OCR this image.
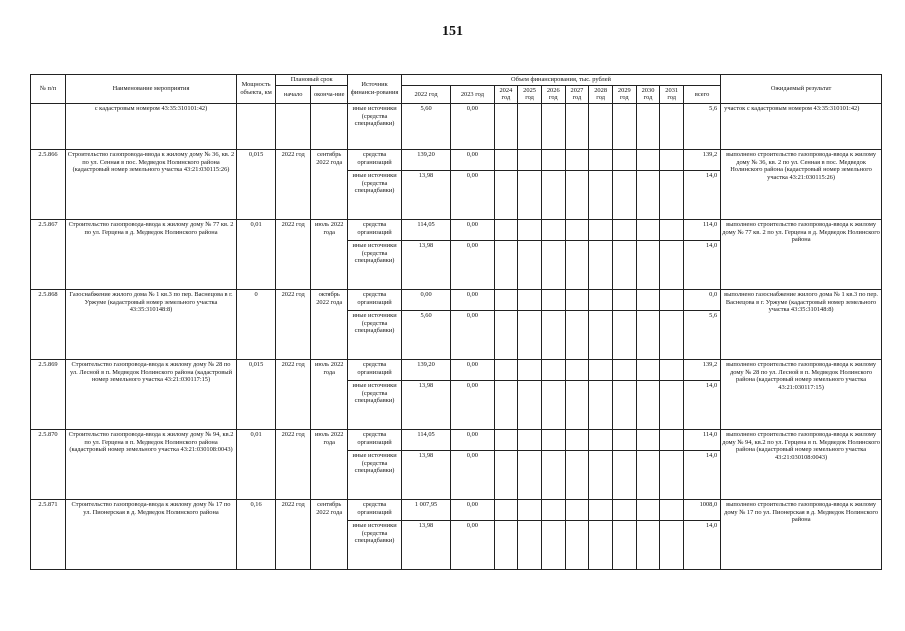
151
№ п/п	Наименование мероприятия	Мощность объекта, км	Плановый срок		Источник финанси-рования	Объем финансирования, тыс. рублей											Ожидаемый результат
			начало	оконча-ние		2022 год	2023 год	2024 год	2025 год	2026 год	2027 год	2028 год	2029 год	2030 год	2031 год	всего	

	с кадастровым номером 43:35:310101:42)				иные источники (средства спецнадбавки)	5,60	0,00									5,6	участок с кадастровым номером 43:35:310101:42)
2.5.866	Строительство газопровода-ввода к жилому дому № 36, кв. 2 по ул. Сенная в пос. Медведок Нолинского района (кадастровый номер земельного участка 43:21:030115:26)	0,015	2022 год	сентябрь 2022 года	средства организаций	139,20	0,00									139,2	выполнено строительство газопровода-ввода к жилому дому № 36, кв. 2 по ул. Сенная в пос. Медведок Нолинского района (кадастровый номер земельного участка 43:21:030115:26)
					иные источники (средства спецнадбавки)	13,98	0,00									14,0	
2.5.867	Строительство газопровода-ввода к жилому дому № 77 кв. 2 по ул. Герцена в д. Медведок Нолинского района	0,01	2022 год	июль 2022 года	средства организаций	114,05	0,00									114,0	выполнено строительство газопровода-ввода к жилому дому № 77 кв. 2 по ул. Герцена в д. Медведок Нолинского района
					иные источники (средства спецнадбавки)	13,98	0,00									14,0	
2.5.868	Газоснабжение жилого дома № 1 кв.3 по пер. Васнецова в г. Уржуме (кадастровый номер земельного участка 43:35:310148:8)	0	2022 год	октябрь 2022 года	средства организаций	0,00	0,00									0,0	выполнено газоснабжение жилого дома № 1 кв.3 по пер. Васнецова в г. Уржуме (кадастровый номер земельного участка 43:35:310148:8)
					иные источники (средства спецнадбавки)	5,60	0,00									5,6	
2.5.869	Строительство газопровода-ввода к жилому дому № 28 по ул. Лесной в п. Медведок Нолинского района (кадастровый номер земельного участка 43:21:030117:15)	0,015	2022 год	июль 2022 года	средства организаций	139,20	0,00									139,2	выполнено строительство газопровода-ввода к жилому дому № 28 по ул. Лесной в п. Медведок Нолинского района (кадастровый номер земельного участка 43:21:030117:15)
					иные источники (средства спецнадбавки)	13,98	0,00									14,0	
2.5.870	Строительство газопровода-ввода к жилому дому № 94, кв.2 по ул. Герцена в п. Медведок Нолинского района (кадастровый номер земельного участка 43:21:030108:0043)	0,01	2022 год	июль 2022 года	средства организаций	114,05	0,00									114,0	выполнено строительство газопровода-ввода к жилому дому № 94, кв.2 по ул. Герцена в п. Медведок Нолинского района (кадастровый номер земельного участка 43:21:030108:0043)
					иные источники (средства спецнадбавки)	13,98	0,00									14,0	
2.5.871	Строительство газопровода-ввода к жилому дому № 17 по ул. Пионерская в д. Медведок Нолинского района	0,16	2022 год	сентябрь 2022 года	средства организаций	1 007,95	0,00									1008,0	выполнено строительство газопровода-ввода к жилому дому № 17 по ул. Пионерская в д. Медведок Нолинского района
					иные источники (средства спецнадбавки)	13,98	0,00									14,0	
